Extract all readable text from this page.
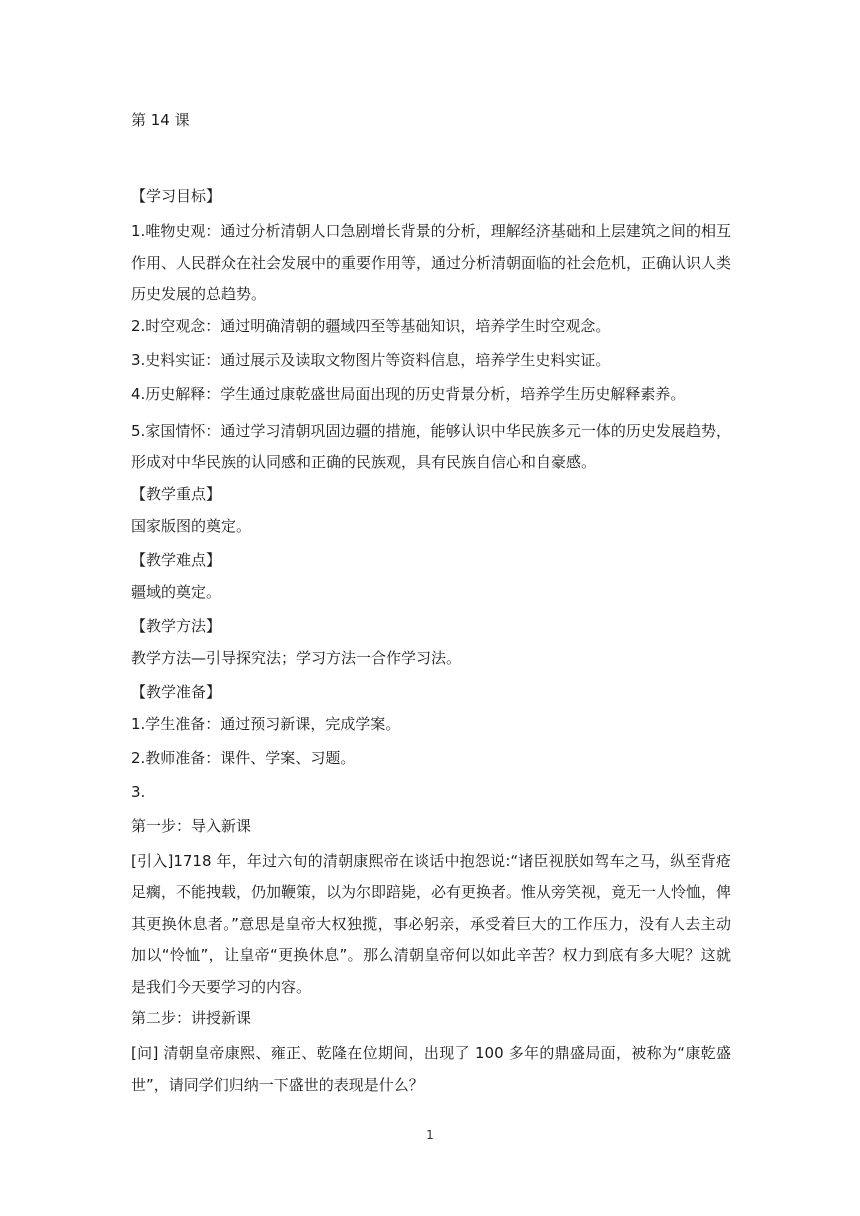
第 14 课
【学习目标】

1.唯物史观：通过分析清朝人口急剧增长背景的分析，理解经济基础和上层建筑之间的相互作用、人民群众在社会发展中的重要作用等，通过分析清朝面临的社会危机，正确认识人类历史发展的总趋势。

2.时空观念：通过明确清朝的疆域四至等基础知识，培养学生时空观念。

3.史料实证：通过展示及读取文物图片等资料信息，培养学生史料实证。

4.历史解释：学生通过康乾盛世局面出现的历史背景分析，培养学生历史解释素养。

5.家国情怀：通过学习清朝巩固边疆的措施，能够认识中华民族多元一体的历史发展趋势，形成对中华民族的认同感和正确的民族观，具有民族自信心和自豪感。

【教学重点】

国家版图的奠定。

【教学难点】

疆域的奠定。

【教学方法】

教学方法—引导探究法；学习方法一合作学习法。

【教学准备】

1.学生准备：通过预习新课，完成学案。

2.教师准备：课件、学案、习题。

3.

第一步：导入新课

[引入]1718 年，年过六旬的清朝康熙帝在谈话中抱怨说:“诸臣视朕如驾车之马，纵至背疮足瘸，不能拽载，仍加鞭策，以为尔即踣毙，必有更换者。惟从旁笑视，竟无一人怜恤，俾其更换休息者。”意思是皇帝大权独揽，事必躬亲，承受着巨大的工作压力，没有人去主动加以“怜恤”，让皇帝“更换休息”。那么清朝皇帝何以如此辛苦？权力到底有多大呢？这就是我们今天要学习的内容。

第二步：讲授新课

[问] 清朝皇帝康熙、雍正、乾隆在位期间，出现了 100 多年的鼎盛局面，被称为“康乾盛世”，请同学们归纳一下盛世的表现是什么？

1
